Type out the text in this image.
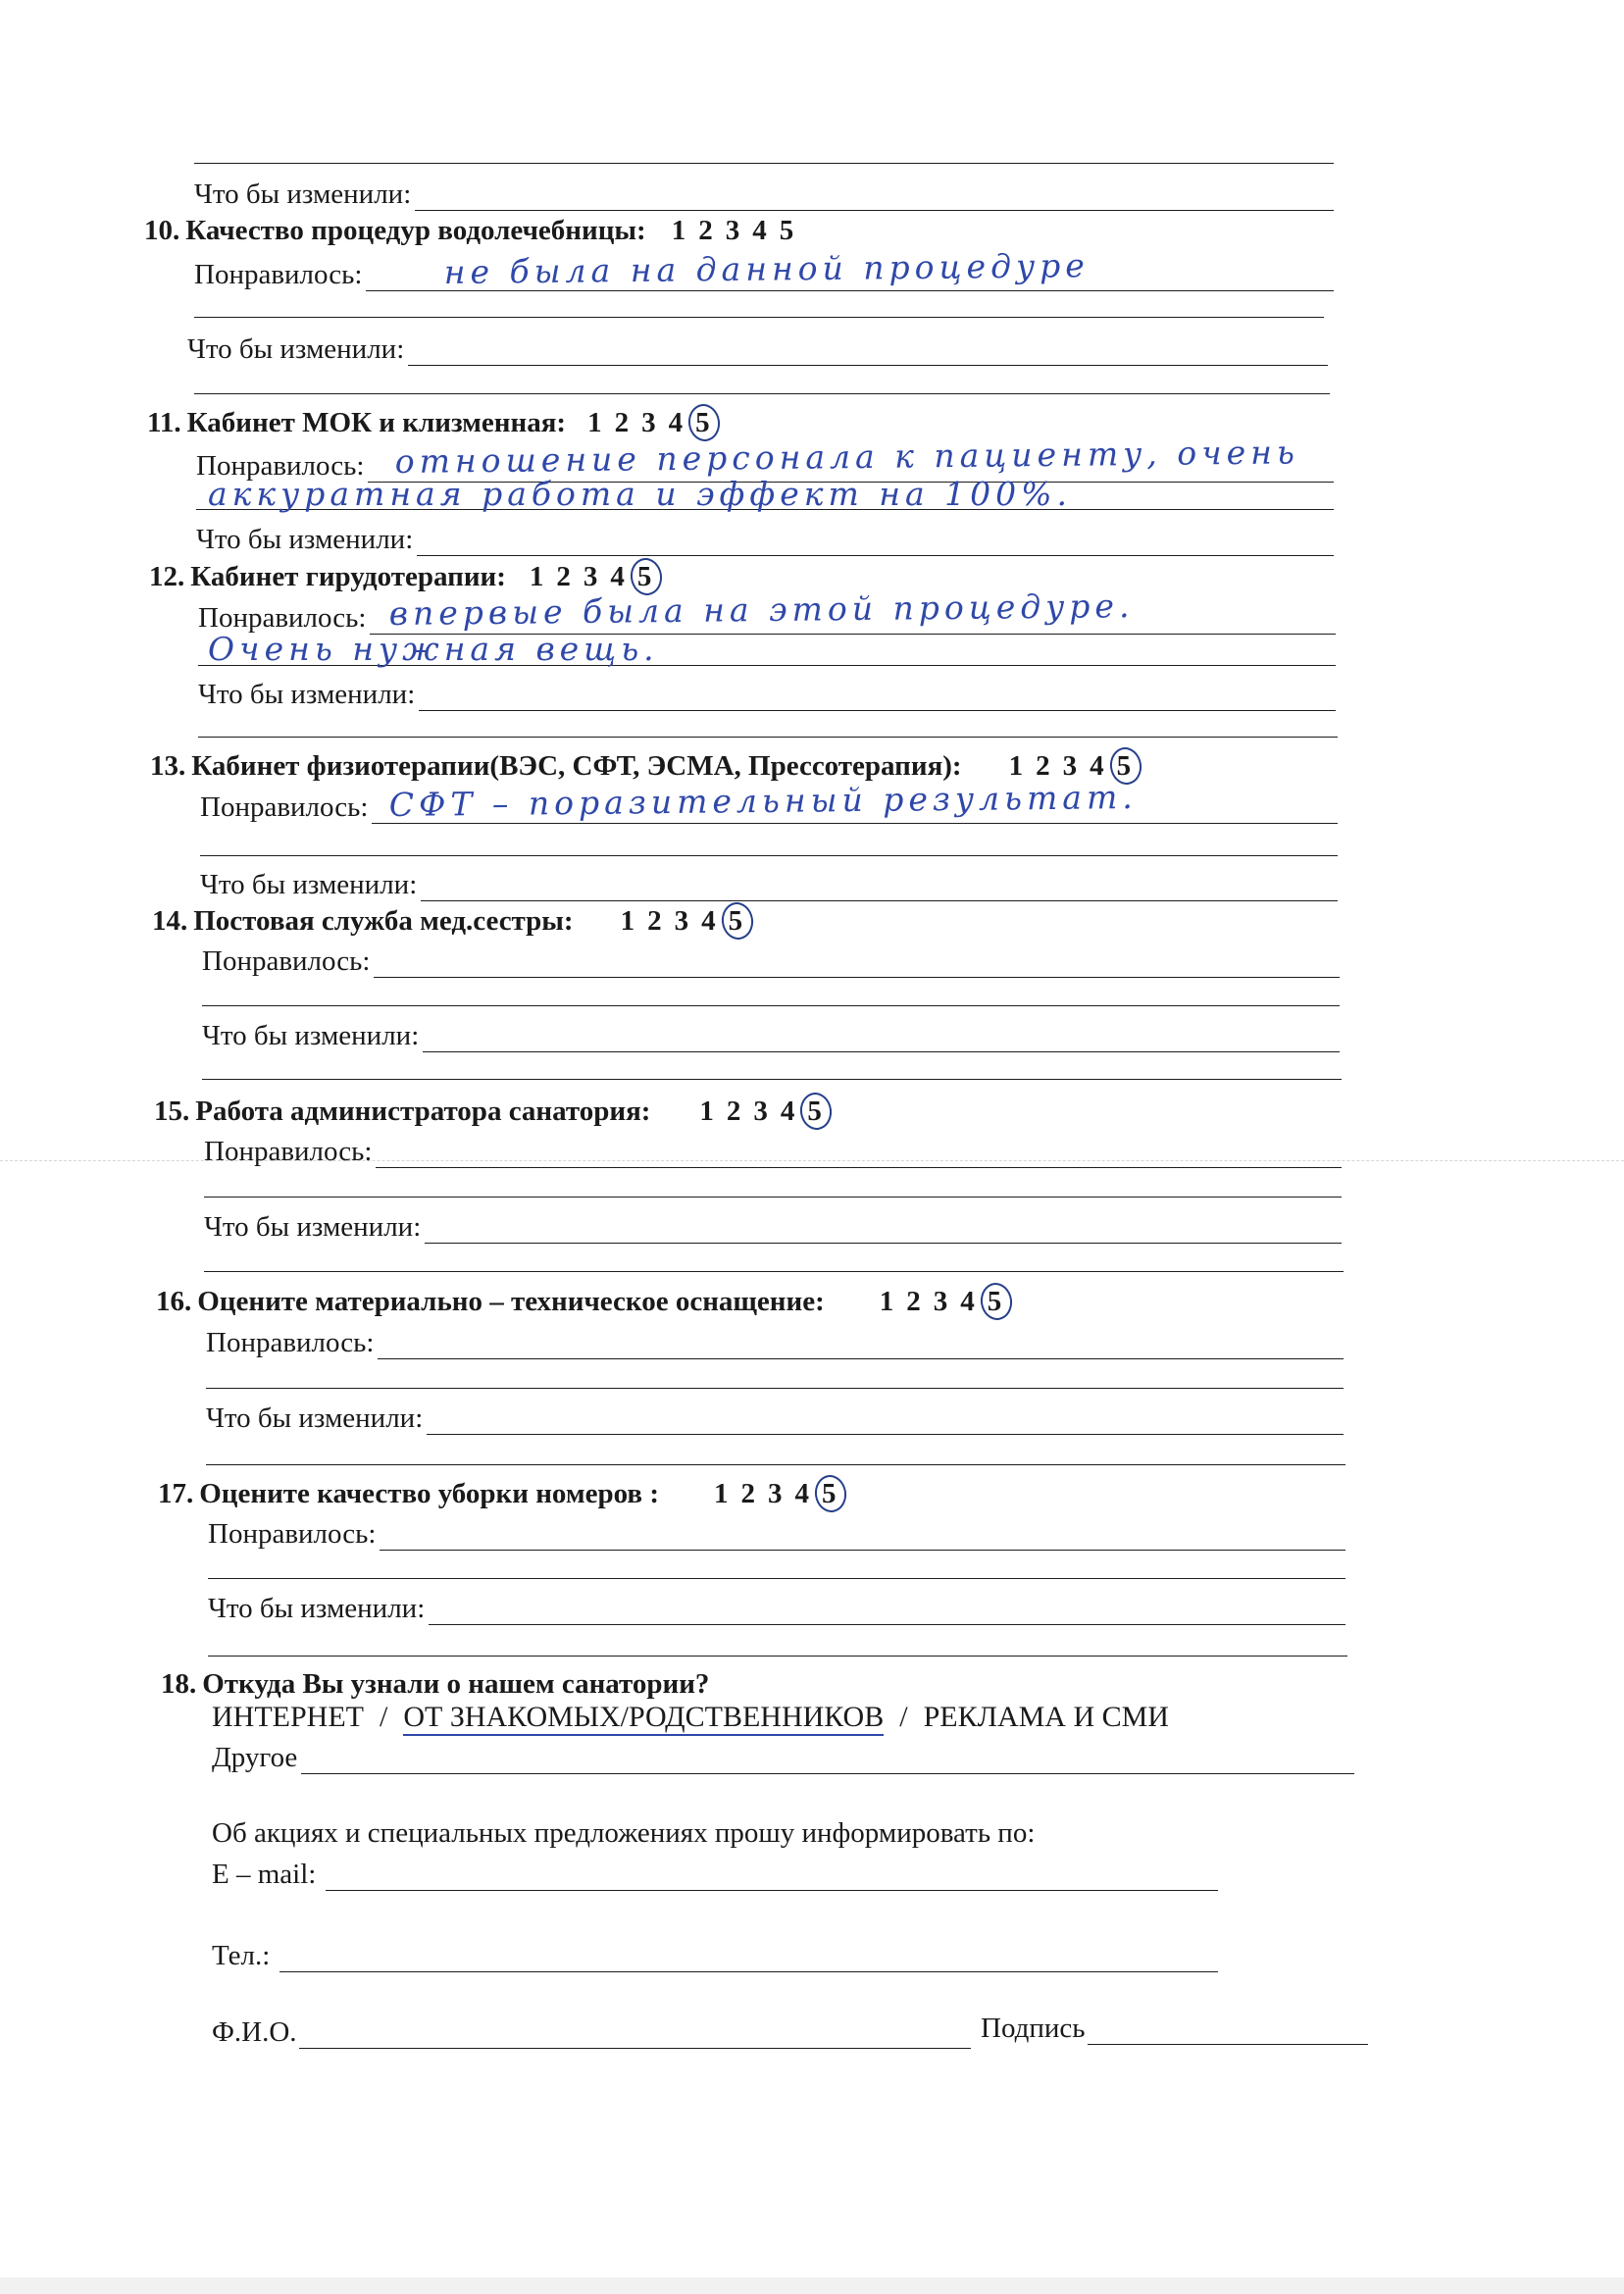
Что бы изменили:
10. Качество процедур водолечебницы: 1 2 3 4 5
Понравилось:	не была на данной процедуре
Что бы изменили:
11. Кабинет МОК и клизменная: 1 2 3 4 5
Понравилось: отношение персонала к пациенту, очень
аккуратная работа и эффект на 100%.
Что бы изменили:
12. Кабинет гирудотерапии: 1 2 3 4 5
Понравилось: впервые была на этой процедуре.
Очень нужная вещь.
Что бы изменили:
13. Кабинет физиотерапии(ВЭС, СФТ, ЭСМА, Прессотерапия): 1 2 3 4 5
Понравилось: СФТ – поразительный результат.
Что бы изменили:
14. Постовая служба мед.сестры: 1 2 3 4 5
Понравилось:
Что бы изменили:
15. Работа администратора санатория: 1 2 3 4 5
Понравилось:
Что бы изменили:
16. Оцените материально – техническое оснащение: 1 2 3 4 5
Понравилось:
Что бы изменили:
17. Оцените качество уборки номеров : 1 2 3 4 5
Понравилось:
Что бы изменили:
18. Откуда Вы узнали о нашем санатории?
ИНТЕРНЕТ / ОТ ЗНАКОМЫХ/РОДСТВЕННИКОВ / РЕКЛАМА И СМИ
Другое
Об акциях и специальных предложениях прошу информировать по:
E – mail:
Тел.:
Ф.И.О.	Подпись
